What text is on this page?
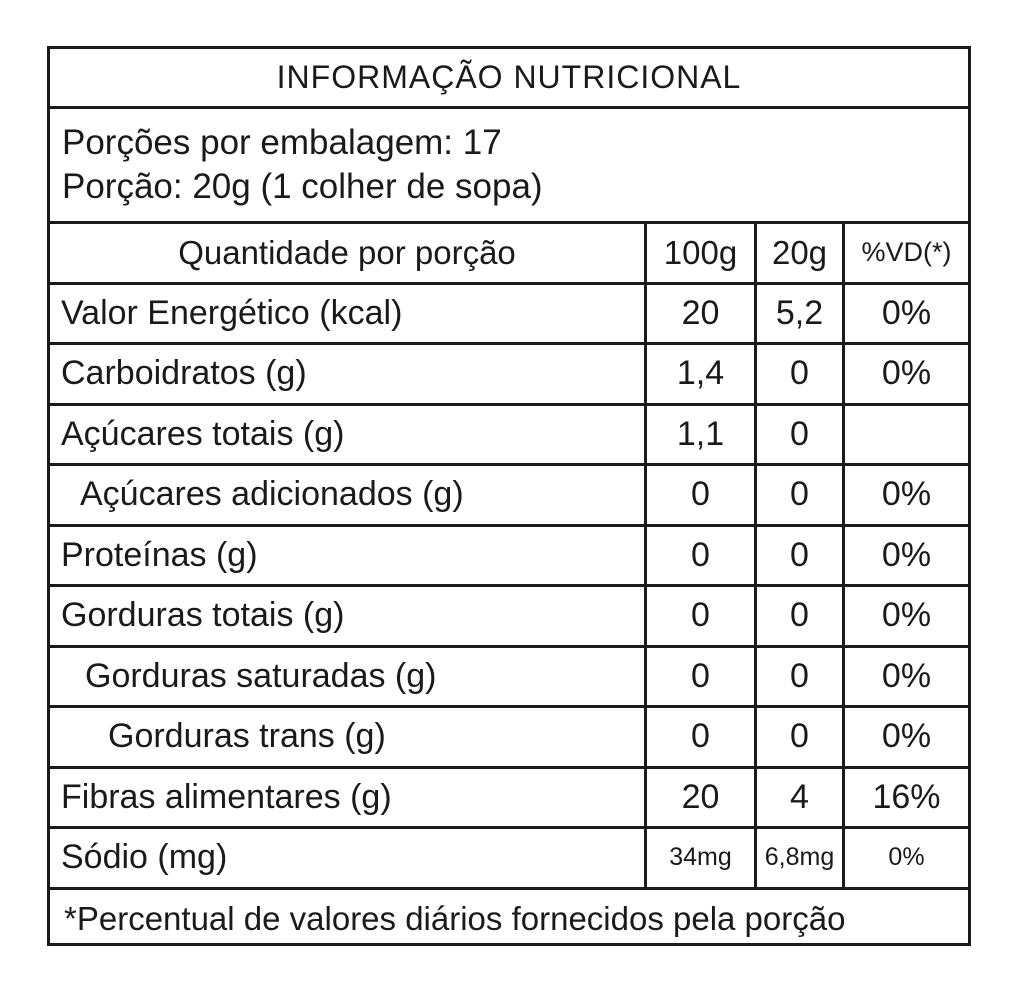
INFORMAÇÃO NUTRICIONAL
Porções por embalagem: 17
Porção: 20g (1 colher de sopa)
Quantidade por porção	100g	20g	%VD(*)
Valor Energético (kcal)	20	5,2	0%
Carboidratos (g)	1,4	0	0%
Açúcares totais (g)	1,1	0
Açúcares adicionados (g)	0	0	0%
Proteínas (g)	0	0	0%
Gorduras totais (g)	0	0	0%
Gorduras saturadas (g)	0	0	0%
Gorduras trans (g)	0	0	0%
Fibras alimentares (g)	20	4	16%
Sódio (mg)	34mg	6,8mg	0%
*Percentual de valores diários fornecidos pela porção
